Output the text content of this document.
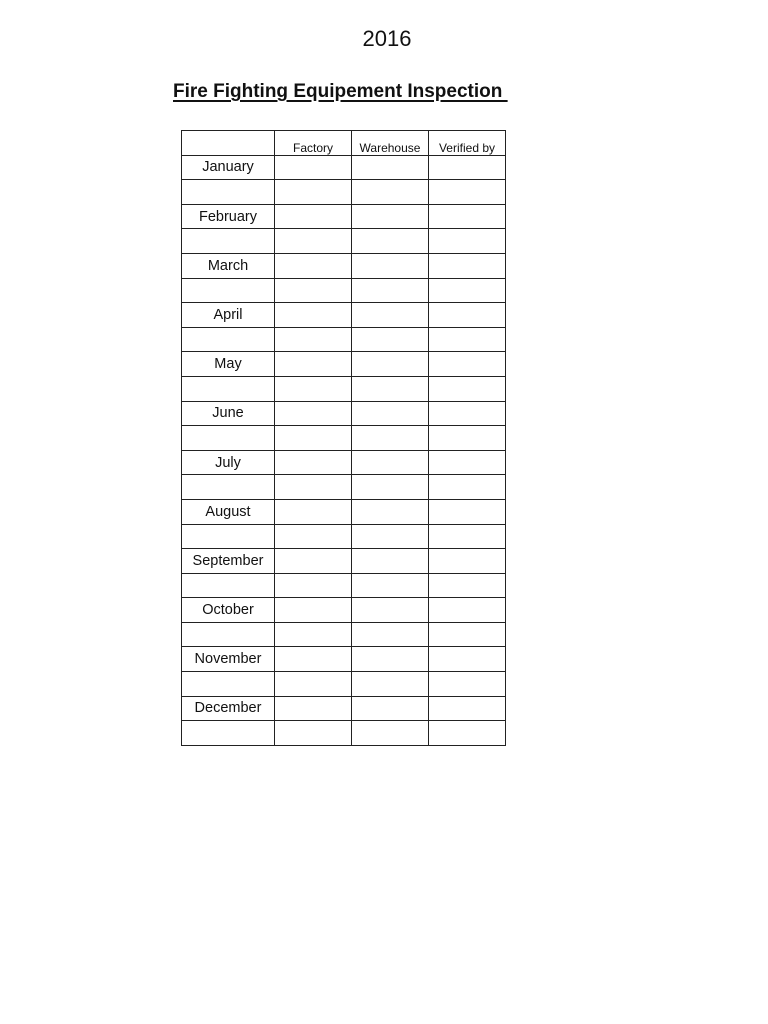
2016
Fire Fighting Equipement Inspection
	Factory	Warehouse	Verified by
January			

February			

March			

April			

May			

June			

July			

August			

September			

October			

November			

December			
